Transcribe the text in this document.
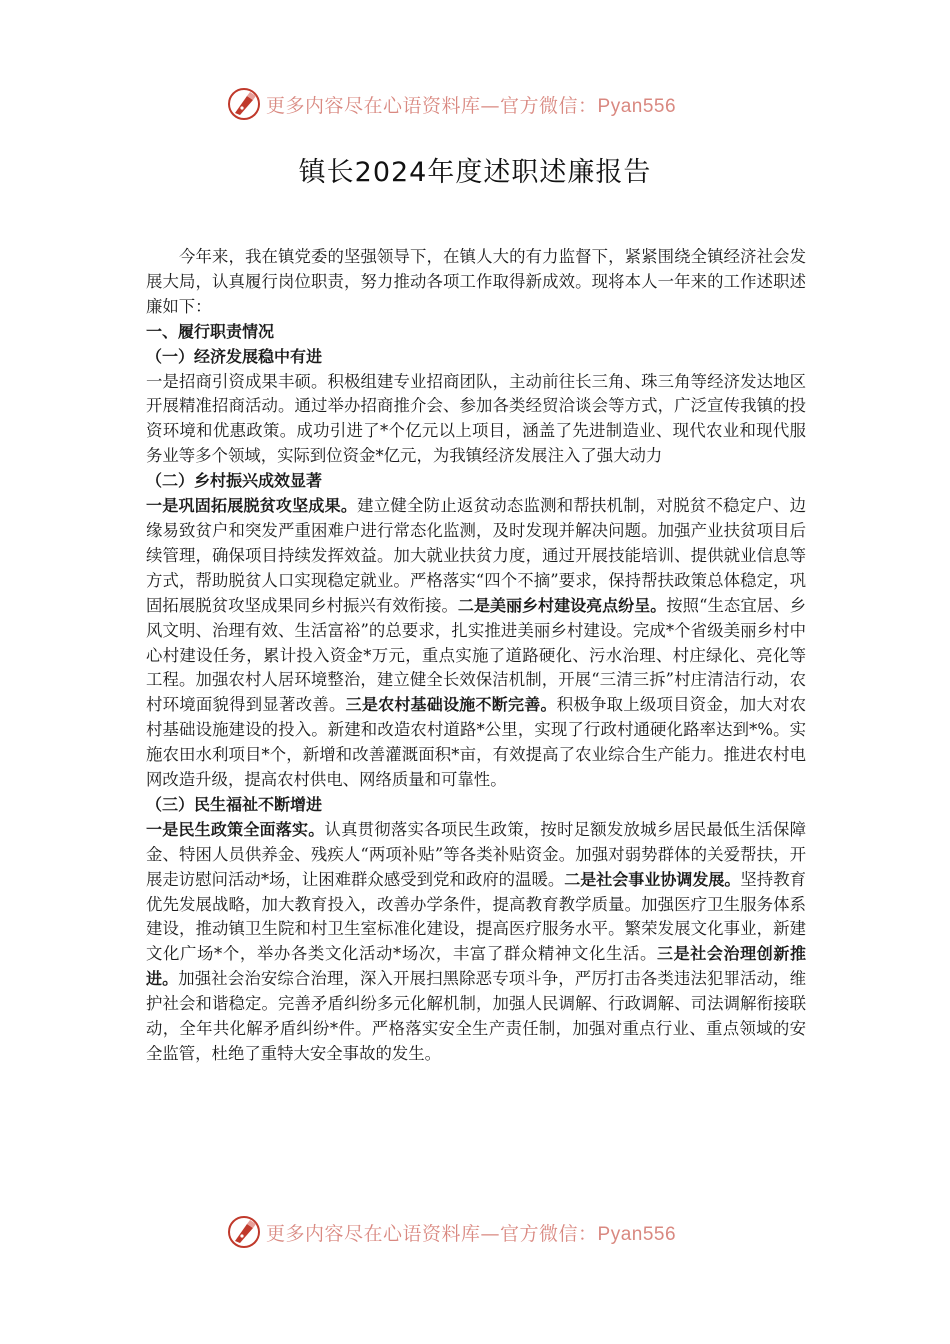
更多内容尽在心语资料库—官方微信：Pyan556
镇长2024年度述职述廉报告

　　今年来，我在镇党委的坚强领导下，在镇人大的有力监督下，紧紧围绕全镇经济社会发展大局，认真履行岗位职责，努力推动各项工作取得新成效。现将本人一年来的工作述职述廉如下：

一、履行职责情况

（一）经济发展稳中有进

一是招商引资成果丰硕。积极组建专业招商团队，主动前往长三角、珠三角等经济发达地区开展精准招商活动。通过举办招商推介会、参加各类经贸洽谈会等方式，广泛宣传我镇的投资环境和优惠政策。成功引进了*个亿元以上项目，涵盖了先进制造业、现代农业和现代服务业等多个领域，实际到位资金*亿元，为我镇经济发展注入了强大动力

（二）乡村振兴成效显著

一是巩固拓展脱贫攻坚成果。建立健全防止返贫动态监测和帮扶机制，对脱贫不稳定户、边缘易致贫户和突发严重困难户进行常态化监测，及时发现并解决问题。加强产业扶贫项目后续管理，确保项目持续发挥效益。加大就业扶贫力度，通过开展技能培训、提供就业信息等方式，帮助脱贫人口实现稳定就业。严格落实“四个不摘”要求，保持帮扶政策总体稳定，巩固拓展脱贫攻坚成果同乡村振兴有效衔接。二是美丽乡村建设亮点纷呈。按照“生态宜居、乡风文明、治理有效、生活富裕”的总要求，扎实推进美丽乡村建设。完成*个省级美丽乡村中心村建设任务，累计投入资金*万元，重点实施了道路硬化、污水治理、村庄绿化、亮化等工程。加强农村人居环境整治，建立健全长效保洁机制，开展“三清三拆”村庄清洁行动，农村环境面貌得到显著改善。三是农村基础设施不断完善。积极争取上级项目资金，加大对农村基础设施建设的投入。新建和改造农村道路*公里，实现了行政村通硬化路率达到*%。实施农田水利项目*个，新增和改善灌溉面积*亩，有效提高了农业综合生产能力。推进农村电网改造升级，提高农村供电、网络质量和可靠性。

（三）民生福祉不断增进

一是民生政策全面落实。认真贯彻落实各项民生政策，按时足额发放城乡居民最低生活保障金、特困人员供养金、残疾人“两项补贴”等各类补贴资金。加强对弱势群体的关爱帮扶，开展走访慰问活动*场，让困难群众感受到党和政府的温暖。二是社会事业协调发展。坚持教育优先发展战略，加大教育投入，改善办学条件，提高教育教学质量。加强医疗卫生服务体系建设，推动镇卫生院和村卫生室标准化建设，提高医疗服务水平。繁荣发展文化事业，新建文化广场*个，举办各类文化活动*场次，丰富了群众精神文化生活。三是社会治理创新推进。加强社会治安综合治理，深入开展扫黑除恶专项斗争，严厉打击各类违法犯罪活动，维护社会和谐稳定。完善矛盾纠纷多元化解机制，加强人民调解、行政调解、司法调解衔接联动，全年共化解矛盾纠纷*件。严格落实安全生产责任制，加强对重点行业、重点领域的安全监管，杜绝了重特大安全事故的发生。

更多内容尽在心语资料库—官方微信：Pyan556
